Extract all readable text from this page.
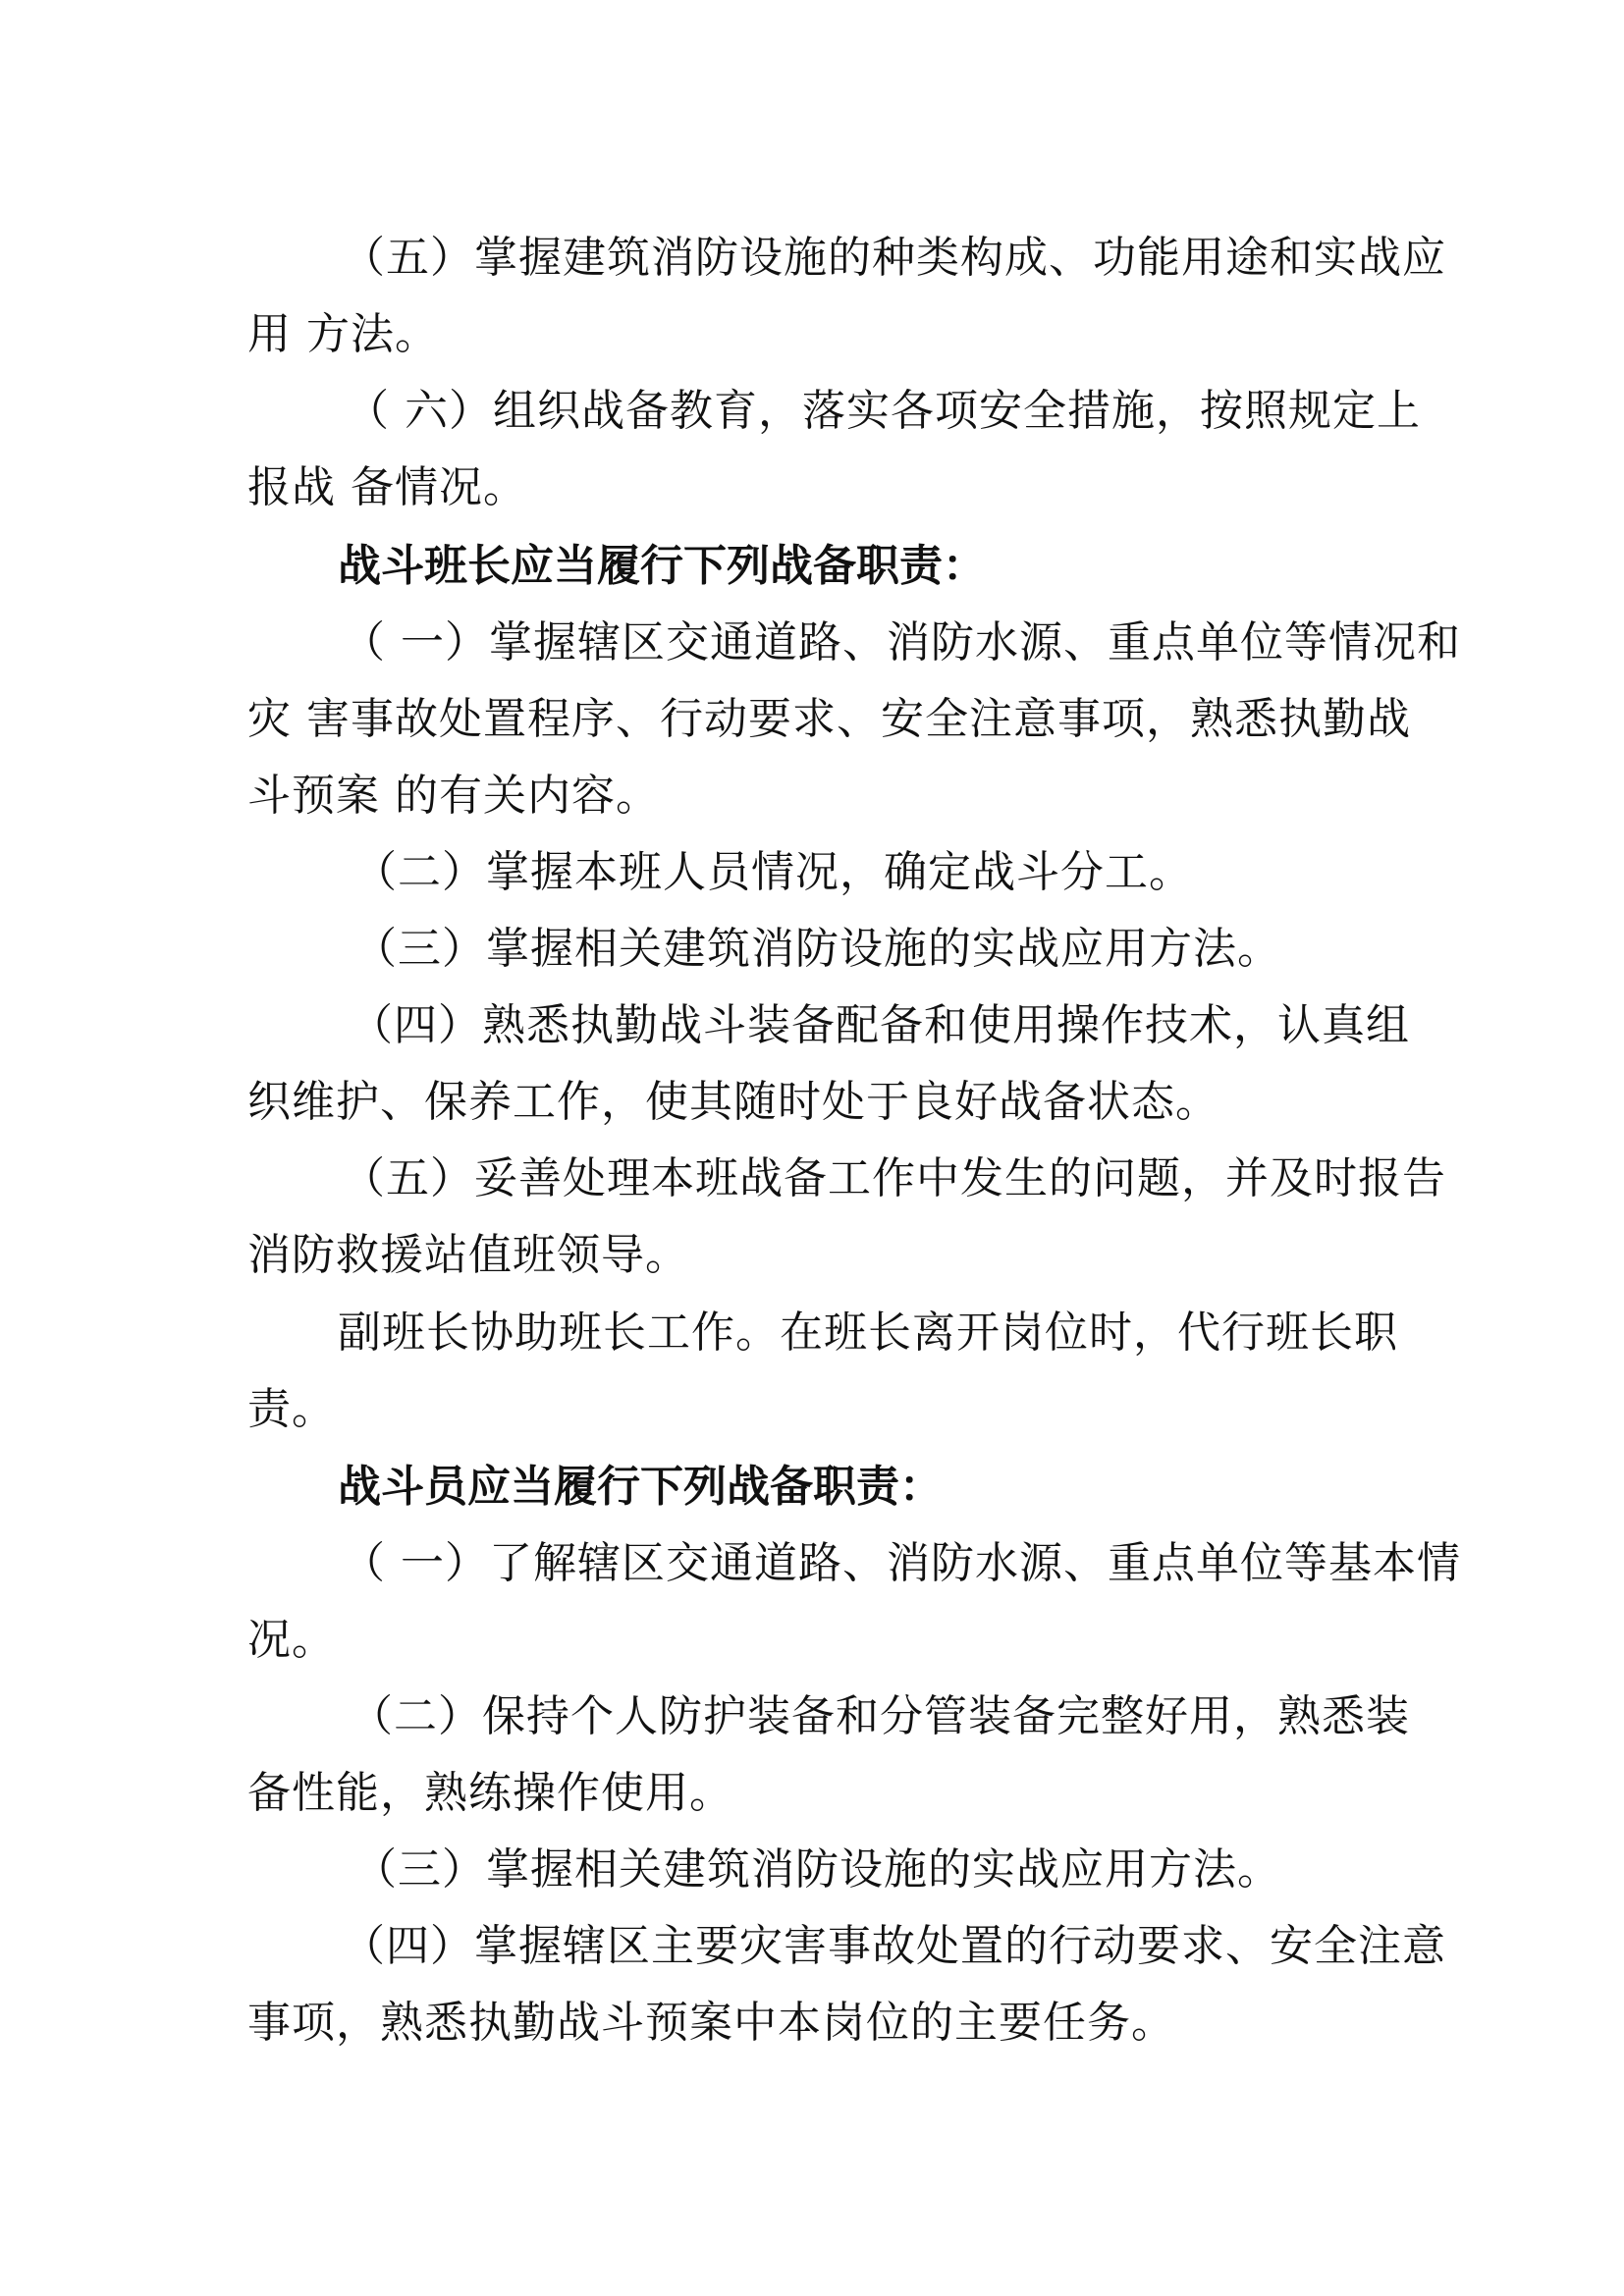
（五）掌握建筑消防设施的种类构成、功能用途和实战应
用 方法。
（ 六）组织战备教育，落实各项安全措施，按照规定上
报战 备情况。
战斗班长应当履行下列战备职责：
（ 一）掌握辖区交通道路、消防水源、重点单位等情况和
灾 害事故处置程序、行动要求、安全注意事项，熟悉执勤战
斗预案 的有关内容。
（二）掌握本班人员情况，确定战斗分工。
（三）掌握相关建筑消防设施的实战应用方法。
（四）熟悉执勤战斗装备配备和使用操作技术，认真组
织维护、保养工作，使其随时处于良好战备状态。
（五）妥善处理本班战备工作中发生的问题，并及时报告
消防救援站值班领导。
副班长协助班长工作。在班长离开岗位时，代行班长职
责。
战斗员应当履行下列战备职责：
（ 一）了解辖区交通道路、消防水源、重点单位等基本情
况。
（二）保持个人防护装备和分管装备完整好用，熟悉装
备性能，熟练操作使用。
（三）掌握相关建筑消防设施的实战应用方法。
（四）掌握辖区主要灾害事故处置的行动要求、安全注意
事项，熟悉执勤战斗预案中本岗位的主要任务。
